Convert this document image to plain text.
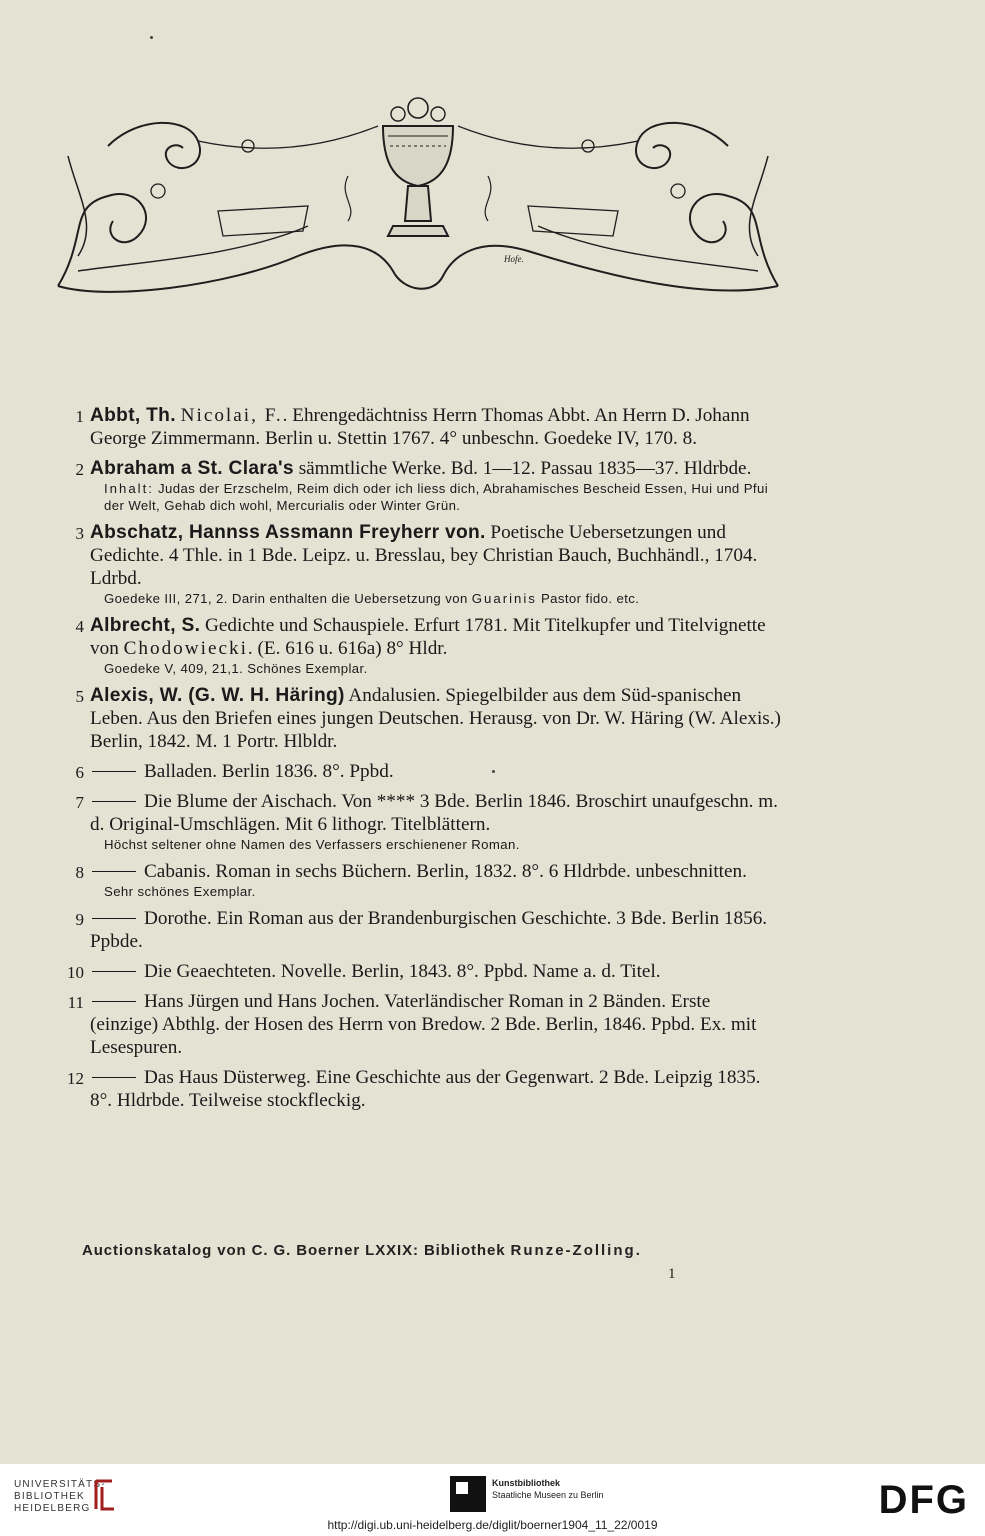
Hofe.
1 Abbt, Th. Nicolai, F.. Ehrengedächtniss Herrn Thomas Abbt. An Herrn D. Johann George Zimmermann. Berlin u. Stettin 1767. 4° unbeschn. Goedeke IV, 170. 8.
2 Abraham a St. Clara's sämmtliche Werke. Bd. 1—12. Passau 1835—37. Hldrbde.
Inhalt: Judas der Erzschelm, Reim dich oder ich liess dich, Abrahamisches Bescheid Essen, Hui und Pfui der Welt, Gehab dich wohl, Mercurialis oder Winter Grün.
3 Abschatz, Hannss Assmann Freyherr von. Poetische Uebersetzungen und Gedichte. 4 Thle. in 1 Bde. Leipz. u. Bresslau, bey Christian Bauch, Buchhändl., 1704. Ldrbd.
Goedeke III, 271, 2. Darin enthalten die Uebersetzung von Guarinis Pastor fido. etc.
4 Albrecht, S. Gedichte und Schauspiele. Erfurt 1781. Mit Titelkupfer und Titelvignette von Chodowiecki. (E. 616 u. 616a) 8° Hldr.
Goedeke V, 409, 21,1. Schönes Exemplar.
5 Alexis, W. (G. W. H. Häring) Andalusien. Spiegelbilder aus dem Süd-spanischen Leben. Aus den Briefen eines jungen Deutschen. Herausg. von Dr. W. Häring (W. Alexis.) Berlin, 1842. M. 1 Portr. Hlbldr.
6	Balladen. Berlin 1836. 8°. Ppbd.
7	Die Blume der Aischach. Von **** 3 Bde. Berlin 1846. Broschirt unaufgeschn. m. d. Original-Umschlägen. Mit 6 lithogr. Titelblättern.
Höchst seltener ohne Namen des Verfassers erschienener Roman.
8	Cabanis. Roman in sechs Büchern. Berlin, 1832. 8°. 6 Hldrbde. unbeschnitten.
Sehr schönes Exemplar.
9	Dorothe. Ein Roman aus der Brandenburgischen Geschichte. 3 Bde. Berlin 1856. Ppbde.
10	Die Geaechteten. Novelle. Berlin, 1843. 8°. Ppbd. Name a. d. Titel.
11	Hans Jürgen und Hans Jochen. Vaterländischer Roman in 2 Bänden. Erste (einzige) Abthlg. der Hosen des Herrn von Bredow. 2 Bde. Berlin, 1846. Ppbd. Ex. mit Lesespuren.
12	Das Haus Düsterweg. Eine Geschichte aus der Gegenwart. 2 Bde. Leipzig 1835. 8°. Hldrbde. Teilweise stockfleckig.
Auctionskatalog von C. G. Boerner LXXIX: Bibliothek Runze-Zolling.
1
UNIVERSITÄTS-
BIBLIOTHEK
HEIDELBERG
Kunstbibliothek
Staatliche Museen zu Berlin	DFG
http://digi.ub.uni-heidelberg.de/diglit/boerner1904_11_22/0019
